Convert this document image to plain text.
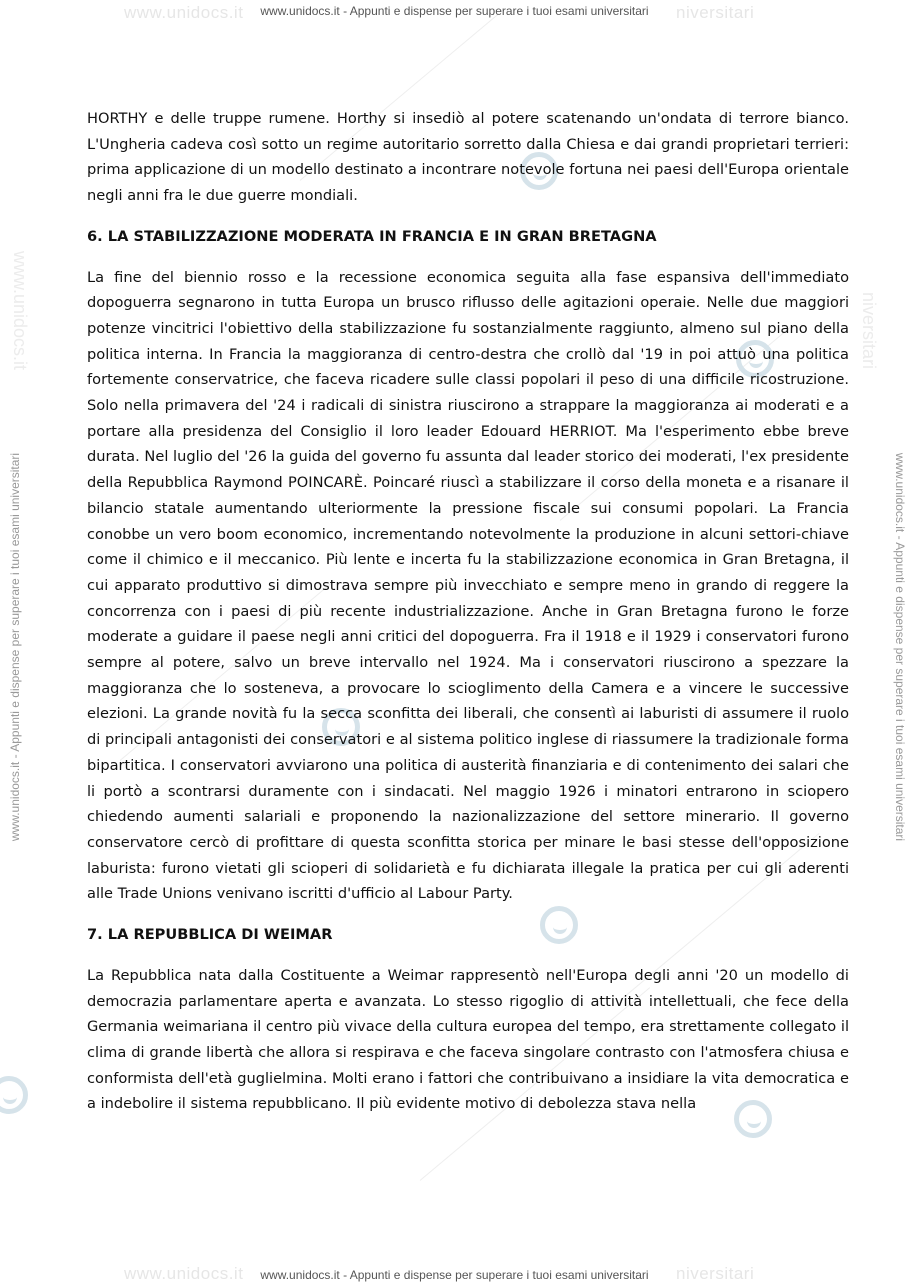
www.unidocs.it	niversitari
www.unidocs.it - Appunti e dispense per superare i tuoi esami universitari
www.unidocs.it	niversitari
www.unidocs.it - Appunti e dispense per superare i tuoi esami universitari
www.unidocs.it - Appunti e dispense per superare i tuoi esami universitari	www.unidocs.it - Appunti e dispense per superare i tuoi esami universitari
www.unidocs.it	niversitari

HORTHY e delle truppe rumene. Horthy si insediò al potere scatenando un'ondata di terrore bianco. L'Ungheria cadeva così sotto un regime autoritario sorretto dalla Chiesa e dai grandi proprietari terrieri: prima applicazione di un modello destinato a incontrare notevole fortuna nei paesi dell'Europa orientale negli anni fra le due guerre mondiali.

6. LA STABILIZZAZIONE MODERATA IN FRANCIA E IN GRAN BRETAGNA

La fine del biennio rosso e la recessione economica seguita alla fase espansiva dell'immediato dopoguerra segnarono in tutta Europa un brusco riflusso delle agitazioni operaie. Nelle due maggiori potenze vincitrici l'obiettivo della stabilizzazione fu sostanzialmente raggiunto, almeno sul piano della politica interna. In Francia la maggioranza di centro-destra che crollò dal '19 in poi attuò una politica fortemente conservatrice, che faceva ricadere sulle classi popolari il peso di una difficile ricostruzione. Solo nella primavera del '24 i radicali di sinistra riuscirono a strappare la maggioranza ai moderati e a portare alla presidenza del Consiglio il loro leader Edouard HERRIOT. Ma l'esperimento ebbe breve durata. Nel luglio del '26 la guida del governo fu assunta dal leader storico dei moderati, l'ex presidente della Repubblica Raymond POINCARÈ. Poincaré riuscì a stabilizzare il corso della moneta e a risanare il bilancio statale aumentando ulteriormente la pressione fiscale sui consumi popolari. La Francia conobbe un vero boom economico, incrementando notevolmente la produzione in alcuni settori-chiave come il chimico e il meccanico. Più lente e incerta fu la stabilizzazione economica in Gran Bretagna, il cui apparato produttivo si dimostrava sempre più invecchiato e sempre meno in grando di reggere la concorrenza con i paesi di più recente industrializzazione. Anche in Gran Bretagna furono le forze moderate a guidare il paese negli anni critici del dopoguerra. Fra il 1918 e il 1929 i conservatori furono sempre al potere, salvo un breve intervallo nel 1924. Ma i conservatori riuscirono a spezzare la maggioranza che lo sosteneva, a provocare lo scioglimento della Camera e a vincere le successive elezioni. La grande novità fu la secca sconfitta dei liberali, che consentì ai laburisti di assumere il ruolo di principali antagonisti dei conservatori e al sistema politico inglese di riassumere la tradizionale forma bipartitica. I conservatori avviarono una politica di austerità finanziaria e di contenimento dei salari che li portò a scontrarsi duramente con i sindacati. Nel maggio 1926 i minatori entrarono in sciopero chiedendo aumenti salariali e proponendo la nazionalizzazione del settore minerario. Il governo conservatore cercò di profittare di questa sconfitta storica per minare le basi stesse dell'opposizione laburista: furono vietati gli scioperi di solidarietà e fu dichiarata illegale la pratica per cui gli aderenti alle Trade Unions venivano iscritti d'ufficio al Labour Party.

7. LA REPUBBLICA DI WEIMAR

La Repubblica nata dalla Costituente a Weimar rappresentò nell'Europa degli anni '20 un modello di democrazia parlamentare aperta e avanzata. Lo stesso rigoglio di attività intellettuali, che fece della Germania weimariana il centro più vivace della cultura europea del tempo, era strettamente collegato il clima di grande libertà che allora si respirava e che faceva singolare contrasto con l'atmosfera chiusa e conformista dell'età guglielmina. Molti erano i fattori che contribuivano a insidiare la vita democratica e a indebolire il sistema repubblicano. Il più evidente motivo di debolezza stava nella
